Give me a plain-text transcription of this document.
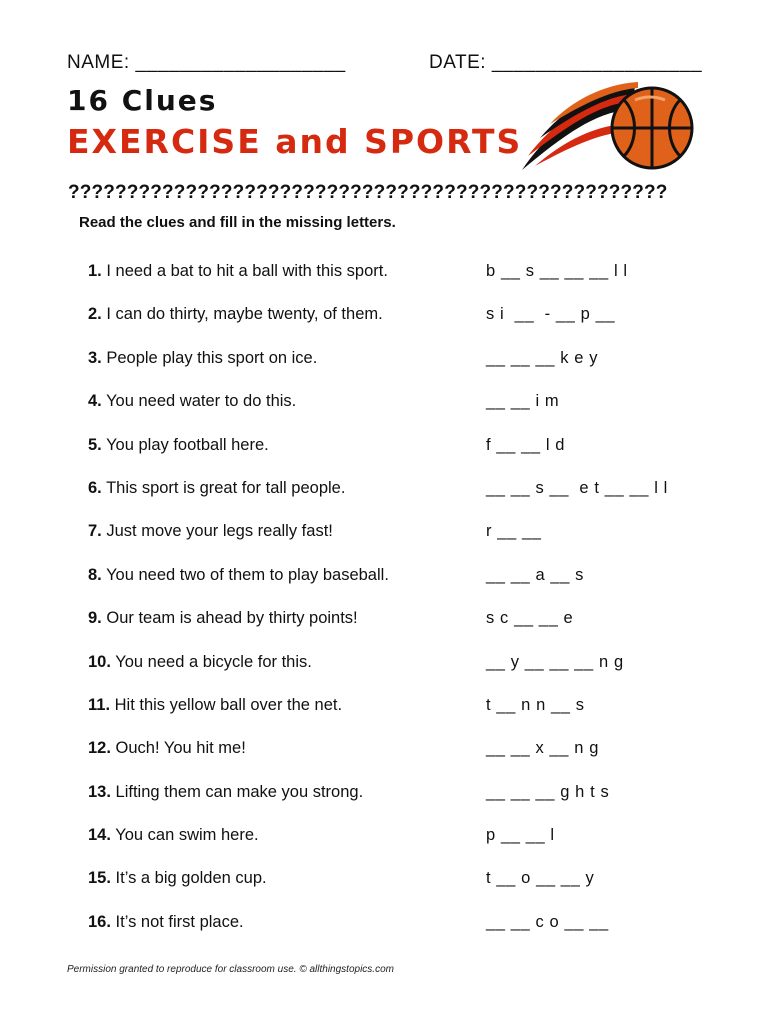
NAME: ___________________	DATE: ___________________
16 Clues
EXERCISE and SPORTS
???????????????????????????????????????????????????
Read the clues and fill in the missing letters.
1. I need a bat to hit a ball with this sport.	b __ s __ __ __ l l
2. I can do thirty, maybe twenty, of them.	s i  __  - __ p __
3. People play this sport on ice.	__ __ __ k e y
4. You need water to do this.	__ __ i m
5. You play football here.	f __ __ l d
6. This sport is great for tall people.	__ __ s __  e t __ __ l l
7. Just move your legs really fast!	r __ __
8. You need two of them to play baseball.	__ __ a __ s
9. Our team is ahead by thirty points!	s c __ __ e
10. You need a bicycle for this.	__ y __ __ __ n g
11. Hit this yellow ball over the net.	t __ n n __ s
12. Ouch! You hit me!	__ __ x __ n g
13. Lifting them can make you strong.	__ __ __ g h t s
14. You can swim here.	p __ __ l
15. It’s a big golden cup.	t __ o __ __ y
16. It’s not first place.	__ __ c o __ __
Permission granted to reproduce for classroom use. © allthingstopics.com
